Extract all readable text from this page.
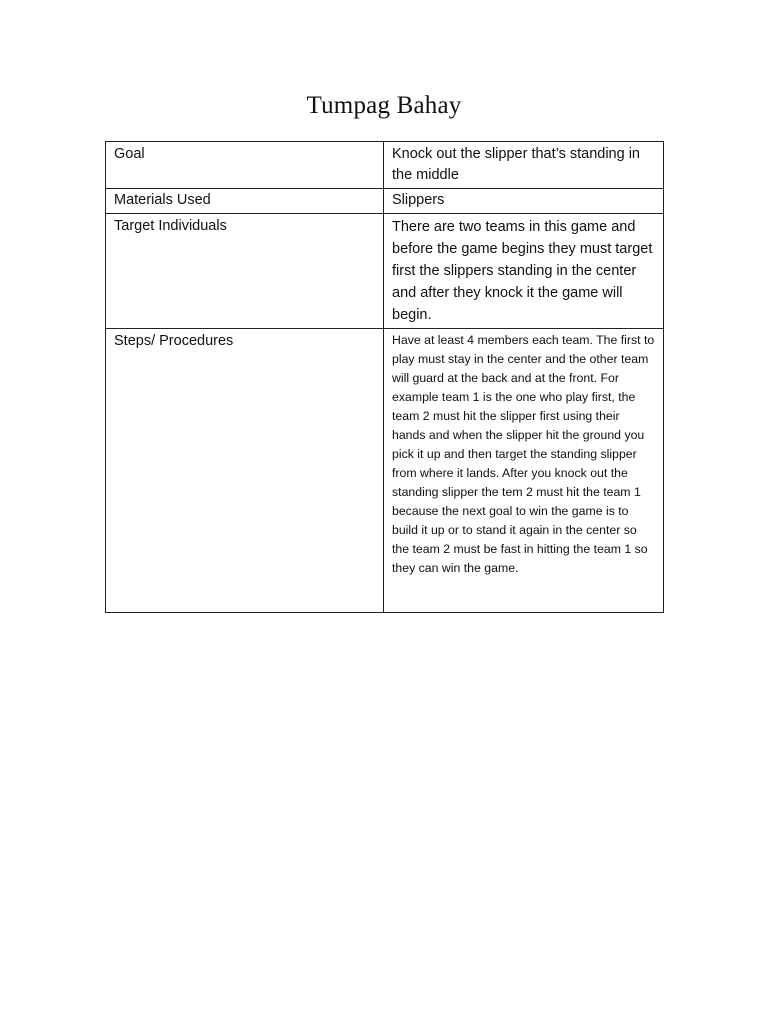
Tumpag Bahay
Goal	Knock out the slipper that’s standing in the middle
Materials Used	Slippers
Target Individuals	There are two teams in this game and before the game begins they must target first the slippers standing in the center and after they knock it the game will begin.
Steps/ Procedures	Have at least 4 members each team. The first to play must stay in the center and the other team will guard at the back and at the front. For example team 1 is the one who play first, the team 2 must hit the slipper first using their hands and when the slipper hit the ground you pick it up and then target the standing slipper from where it lands. After you knock out the standing slipper the tem 2 must hit the team 1 because the next goal to win the game is to build it up or to stand it again in the center so the team 2 must be fast in hitting the team 1 so they can win the game.
